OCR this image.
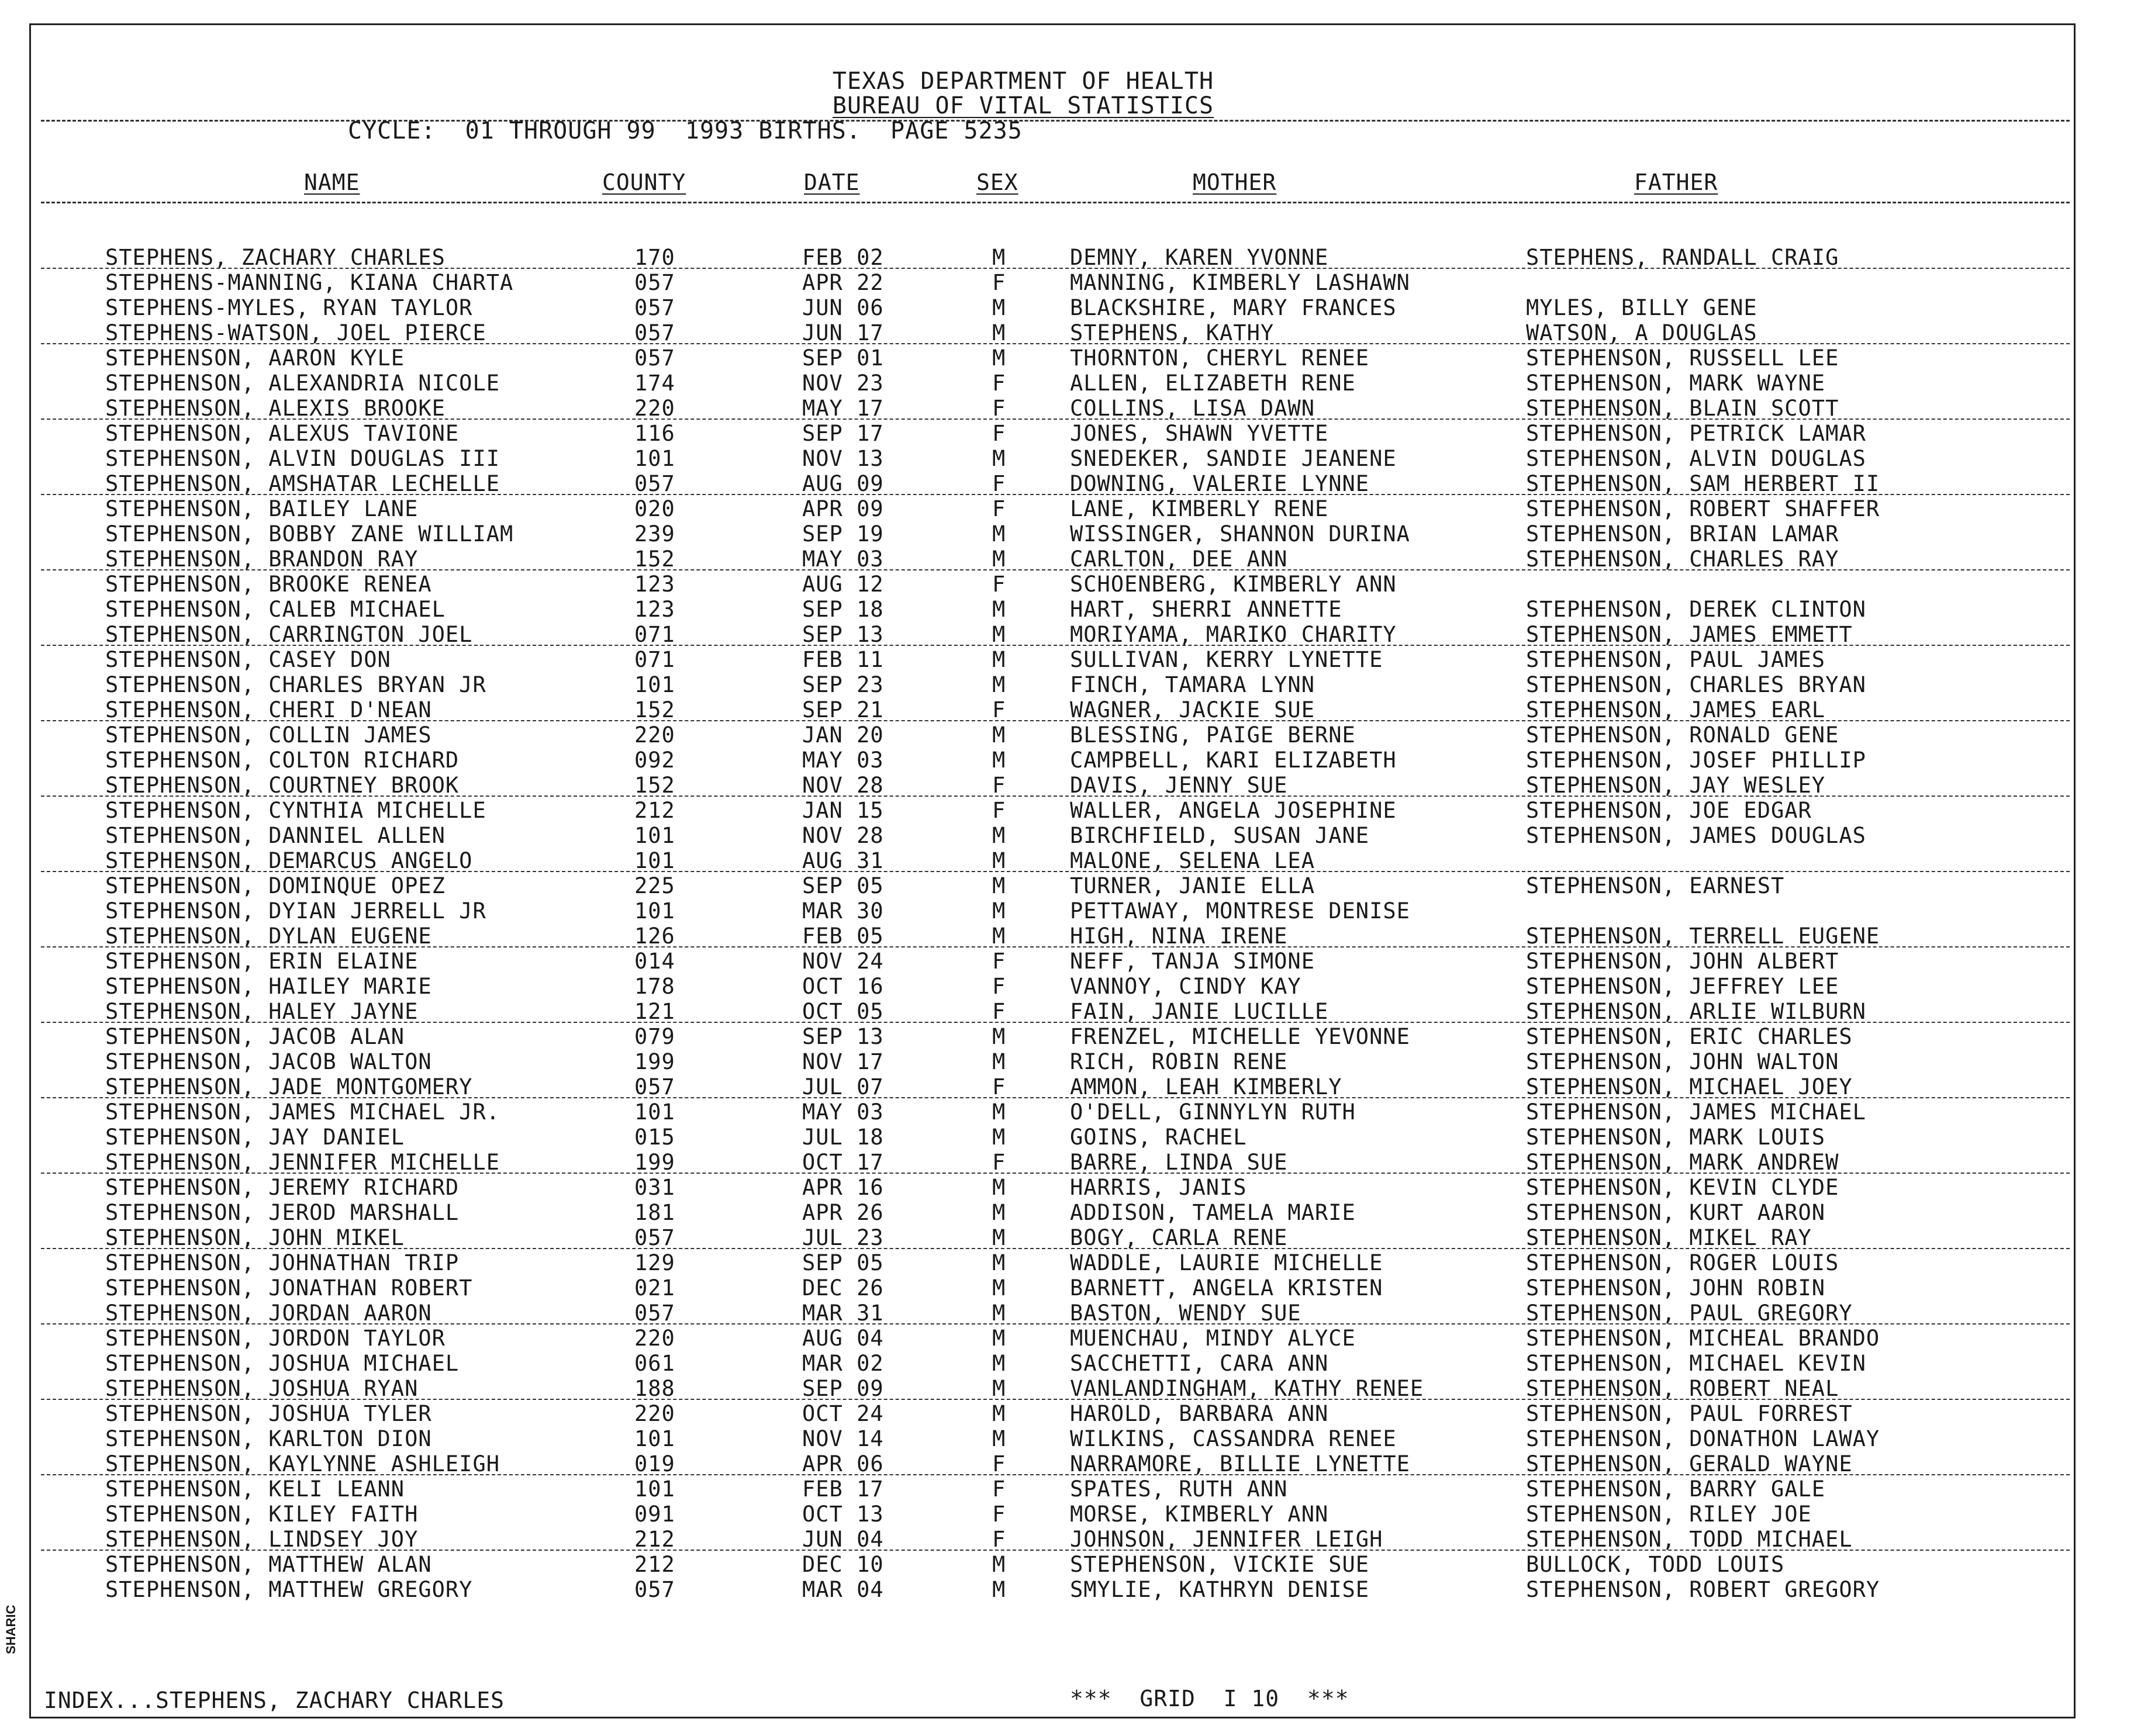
TEXAS DEPARTMENT OF HEALTH
BUREAU OF VITAL STATISTICS
CYCLE:  01 THROUGH 99  1993 BIRTHS.  PAGE 5235
NAME	COUNTY	DATE	SEX	MOTHER	FATHER
STEPHENS, ZACHARY CHARLES	170	FEB 02	M	DEMNY, KAREN YVONNE	STEPHENS, RANDALL CRAIG
STEPHENS-MANNING, KIANA CHARTA	057	APR 22	F	MANNING, KIMBERLY LASHAWN
STEPHENS-MYLES, RYAN TAYLOR	057	JUN 06	M	BLACKSHIRE, MARY FRANCES	MYLES, BILLY GENE
STEPHENS-WATSON, JOEL PIERCE	057	JUN 17	M	STEPHENS, KATHY	WATSON, A DOUGLAS
STEPHENSON, AARON KYLE	057	SEP 01	M	THORNTON, CHERYL RENEE	STEPHENSON, RUSSELL LEE
STEPHENSON, ALEXANDRIA NICOLE	174	NOV 23	F	ALLEN, ELIZABETH RENE	STEPHENSON, MARK WAYNE
STEPHENSON, ALEXIS BROOKE	220	MAY 17	F	COLLINS, LISA DAWN	STEPHENSON, BLAIN SCOTT
STEPHENSON, ALEXUS TAVIONE	116	SEP 17	F	JONES, SHAWN YVETTE	STEPHENSON, PETRICK LAMAR
STEPHENSON, ALVIN DOUGLAS III	101	NOV 13	M	SNEDEKER, SANDIE JEANENE	STEPHENSON, ALVIN DOUGLAS
STEPHENSON, AMSHATAR LECHELLE	057	AUG 09	F	DOWNING, VALERIE LYNNE	STEPHENSON, SAM HERBERT II
STEPHENSON, BAILEY LANE	020	APR 09	F	LANE, KIMBERLY RENE	STEPHENSON, ROBERT SHAFFER
STEPHENSON, BOBBY ZANE WILLIAM	239	SEP 19	M	WISSINGER, SHANNON DURINA	STEPHENSON, BRIAN LAMAR
STEPHENSON, BRANDON RAY	152	MAY 03	M	CARLTON, DEE ANN	STEPHENSON, CHARLES RAY
STEPHENSON, BROOKE RENEA	123	AUG 12	F	SCHOENBERG, KIMBERLY ANN
STEPHENSON, CALEB MICHAEL	123	SEP 18	M	HART, SHERRI ANNETTE	STEPHENSON, DEREK CLINTON
STEPHENSON, CARRINGTON JOEL	071	SEP 13	M	MORIYAMA, MARIKO CHARITY	STEPHENSON, JAMES EMMETT
STEPHENSON, CASEY DON	071	FEB 11	M	SULLIVAN, KERRY LYNETTE	STEPHENSON, PAUL JAMES
STEPHENSON, CHARLES BRYAN JR	101	SEP 23	M	FINCH, TAMARA LYNN	STEPHENSON, CHARLES BRYAN
STEPHENSON, CHERI D'NEAN	152	SEP 21	F	WAGNER, JACKIE SUE	STEPHENSON, JAMES EARL
STEPHENSON, COLLIN JAMES	220	JAN 20	M	BLESSING, PAIGE BERNE	STEPHENSON, RONALD GENE
STEPHENSON, COLTON RICHARD	092	MAY 03	M	CAMPBELL, KARI ELIZABETH	STEPHENSON, JOSEF PHILLIP
STEPHENSON, COURTNEY BROOK	152	NOV 28	F	DAVIS, JENNY SUE	STEPHENSON, JAY WESLEY
STEPHENSON, CYNTHIA MICHELLE	212	JAN 15	F	WALLER, ANGELA JOSEPHINE	STEPHENSON, JOE EDGAR
STEPHENSON, DANNIEL ALLEN	101	NOV 28	M	BIRCHFIELD, SUSAN JANE	STEPHENSON, JAMES DOUGLAS
STEPHENSON, DEMARCUS ANGELO	101	AUG 31	M	MALONE, SELENA LEA
STEPHENSON, DOMINQUE OPEZ	225	SEP 05	M	TURNER, JANIE ELLA	STEPHENSON, EARNEST
STEPHENSON, DYIAN JERRELL JR	101	MAR 30	M	PETTAWAY, MONTRESE DENISE
STEPHENSON, DYLAN EUGENE	126	FEB 05	M	HIGH, NINA IRENE	STEPHENSON, TERRELL EUGENE
STEPHENSON, ERIN ELAINE	014	NOV 24	F	NEFF, TANJA SIMONE	STEPHENSON, JOHN ALBERT
STEPHENSON, HAILEY MARIE	178	OCT 16	F	VANNOY, CINDY KAY	STEPHENSON, JEFFREY LEE
STEPHENSON, HALEY JAYNE	121	OCT 05	F	FAIN, JANIE LUCILLE	STEPHENSON, ARLIE WILBURN
STEPHENSON, JACOB ALAN	079	SEP 13	M	FRENZEL, MICHELLE YEVONNE	STEPHENSON, ERIC CHARLES
STEPHENSON, JACOB WALTON	199	NOV 17	M	RICH, ROBIN RENE	STEPHENSON, JOHN WALTON
STEPHENSON, JADE MONTGOMERY	057	JUL 07	F	AMMON, LEAH KIMBERLY	STEPHENSON, MICHAEL JOEY
STEPHENSON, JAMES MICHAEL JR.	101	MAY 03	M	O'DELL, GINNYLYN RUTH	STEPHENSON, JAMES MICHAEL
STEPHENSON, JAY DANIEL	015	JUL 18	M	GOINS, RACHEL	STEPHENSON, MARK LOUIS
STEPHENSON, JENNIFER MICHELLE	199	OCT 17	F	BARRE, LINDA SUE	STEPHENSON, MARK ANDREW
STEPHENSON, JEREMY RICHARD	031	APR 16	M	HARRIS, JANIS	STEPHENSON, KEVIN CLYDE
STEPHENSON, JEROD MARSHALL	181	APR 26	M	ADDISON, TAMELA MARIE	STEPHENSON, KURT AARON
STEPHENSON, JOHN MIKEL	057	JUL 23	M	BOGY, CARLA RENE	STEPHENSON, MIKEL RAY
STEPHENSON, JOHNATHAN TRIP	129	SEP 05	M	WADDLE, LAURIE MICHELLE	STEPHENSON, ROGER LOUIS
STEPHENSON, JONATHAN ROBERT	021	DEC 26	M	BARNETT, ANGELA KRISTEN	STEPHENSON, JOHN ROBIN
STEPHENSON, JORDAN AARON	057	MAR 31	M	BASTON, WENDY SUE	STEPHENSON, PAUL GREGORY
STEPHENSON, JORDON TAYLOR	220	AUG 04	M	MUENCHAU, MINDY ALYCE	STEPHENSON, MICHEAL BRANDO
STEPHENSON, JOSHUA MICHAEL	061	MAR 02	M	SACCHETTI, CARA ANN	STEPHENSON, MICHAEL KEVIN
STEPHENSON, JOSHUA RYAN	188	SEP 09	M	VANLANDINGHAM, KATHY RENEE	STEPHENSON, ROBERT NEAL
STEPHENSON, JOSHUA TYLER	220	OCT 24	M	HAROLD, BARBARA ANN	STEPHENSON, PAUL FORREST
STEPHENSON, KARLTON DION	101	NOV 14	M	WILKINS, CASSANDRA RENEE	STEPHENSON, DONATHON LAWAY
STEPHENSON, KAYLYNNE ASHLEIGH	019	APR 06	F	NARRAMORE, BILLIE LYNETTE	STEPHENSON, GERALD WAYNE
STEPHENSON, KELI LEANN	101	FEB 17	F	SPATES, RUTH ANN	STEPHENSON, BARRY GALE
STEPHENSON, KILEY FAITH	091	OCT 13	F	MORSE, KIMBERLY ANN	STEPHENSON, RILEY JOE
STEPHENSON, LINDSEY JOY	212	JUN 04	F	JOHNSON, JENNIFER LEIGH	STEPHENSON, TODD MICHAEL
STEPHENSON, MATTHEW ALAN	212	DEC 10	M	STEPHENSON, VICKIE SUE	BULLOCK, TODD LOUIS
STEPHENSON, MATTHEW GREGORY	057	MAR 04	M	SMYLIE, KATHRYN DENISE	STEPHENSON, ROBERT GREGORY
INDEX...STEPHENS, ZACHARY CHARLES	***  GRID  I 10  ***
SHARIC
